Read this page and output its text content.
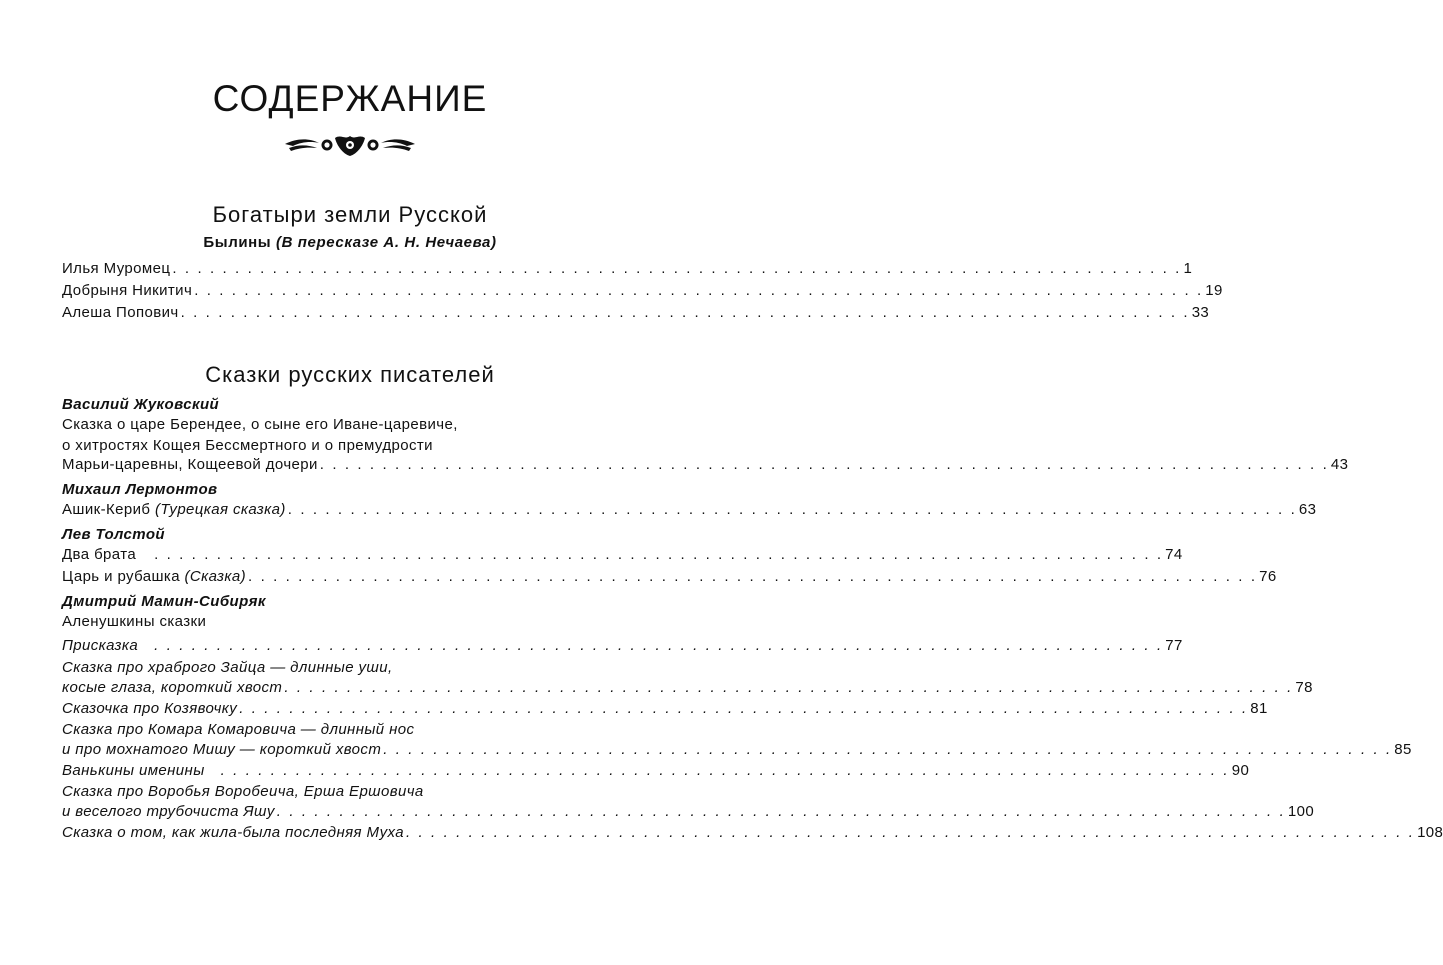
СОДЕРЖАНИЕ
Богатыри земли Русской
Былины (В пересказе А. Н. Нечаева)
Илья Муромец . . . . . . . . . . . . . . . . . . . . . . . . . . . . . . . . . . . . . . . . . . . . . . . . . . . . . . . . . . . . . . . . . . . . . . . . . . . . . . . . . 1
Добрыня Никитич . . . . . . . . . . . . . . . . . . . . . . . . . . . . . . . . . . . . . . . . . . . . . . . . . . . . . . . . . . . . . . . . . . . . . . . . . . . . . . . . . 19
Алеша Попович . . . . . . . . . . . . . . . . . . . . . . . . . . . . . . . . . . . . . . . . . . . . . . . . . . . . . . . . . . . . . . . . . . . . . . . . . . . . . . . . . 33
Сказки русских писателей
Василий Жуковский
Сказка о царе Берендее, о сыне его Иване-царевиче,
о хитростях Кощея Бессмертного и о премудрости
Марьи-царевны, Кощеевой дочери . . . . . . . . . . . . . . . . . . . . . . . . . . . . . . . . . . . . . . . . . . . . . . . . . . . . . . . . . . . . . . . . . . . . . . . . . . . . . . . . . 43
Михаил Лермонтов
Ашик-Кериб (Турецкая сказка) . . . . . . . . . . . . . . . . . . . . . . . . . . . . . . . . . . . . . . . . . . . . . . . . . . . . . . . . . . . . . . . . . . . . . . . . . . . . . . . . . 63
Лев Толстой
Два брата . . . . . . . . . . . . . . . . . . . . . . . . . . . . . . . . . . . . . . . . . . . . . . . . . . . . . . . . . . . . . . . . . . . . . . . . . . . . . . . . . 74
Царь и рубашка (Сказка) . . . . . . . . . . . . . . . . . . . . . . . . . . . . . . . . . . . . . . . . . . . . . . . . . . . . . . . . . . . . . . . . . . . . . . . . . . . . . . . . . 76
Дмитрий Мамин-Сибиряк
Аленушкины сказки
Присказка . . . . . . . . . . . . . . . . . . . . . . . . . . . . . . . . . . . . . . . . . . . . . . . . . . . . . . . . . . . . . . . . . . . . . . . . . . . . . . . . . 77
Сказка про храброго Зайца — длинные уши,
косые глаза, короткий хвост . . . . . . . . . . . . . . . . . . . . . . . . . . . . . . . . . . . . . . . . . . . . . . . . . . . . . . . . . . . . . . . . . . . . . . . . . . . . . . . . . 78
Сказочка про Козявочку . . . . . . . . . . . . . . . . . . . . . . . . . . . . . . . . . . . . . . . . . . . . . . . . . . . . . . . . . . . . . . . . . . . . . . . . . . . . . . . . . 81
Сказка про Комара Комаровича — длинный нос
и про мохнатого Мишу — короткий хвост . . . . . . . . . . . . . . . . . . . . . . . . . . . . . . . . . . . . . . . . . . . . . . . . . . . . . . . . . . . . . . . . . . . . . . . . . . . . . . . . . 85
Ванькины именины . . . . . . . . . . . . . . . . . . . . . . . . . . . . . . . . . . . . . . . . . . . . . . . . . . . . . . . . . . . . . . . . . . . . . . . . . . . . . . . . . 90
Сказка про Воробья Воробеича, Ерша Ершовича
и веселого трубочиста Яшу . . . . . . . . . . . . . . . . . . . . . . . . . . . . . . . . . . . . . . . . . . . . . . . . . . . . . . . . . . . . . . . . . . . . . . . . . . . . . . . . . 100
Сказка о том, как жила-была последняя Муха . . . . . . . . . . . . . . . . . . . . . . . . . . . . . . . . . . . . . . . . . . . . . . . . . . . . . . . . . . . . . . . . . . . . . . . . . . . . . . . . . 108
